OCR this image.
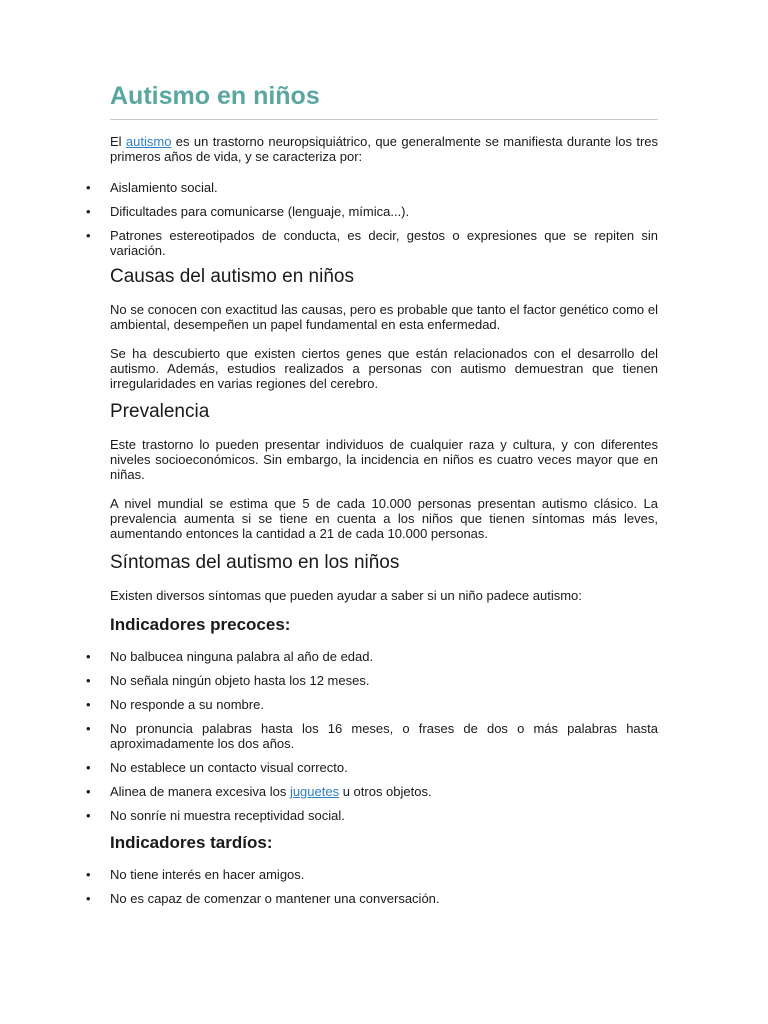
Autismo en niños

El autismo es un trastorno neuropsiquiátrico, que generalmente se manifiesta durante los tres primeros años de vida, y se caracteriza por:

• Aislamiento social.
• Dificultades para comunicarse (lenguaje, mímica...).
• Patrones estereotipados de conducta, es decir, gestos o expresiones que se repiten sin variación.
Causas del autismo en niños

No se conocen con exactitud las causas, pero es probable que tanto el factor genético como el ambiental, desempeñen un papel fundamental en esta enfermedad.

Se ha descubierto que existen ciertos genes que están relacionados con el desarrollo del autismo. Además, estudios realizados a personas con autismo demuestran que tienen irregularidades en varias regiones del cerebro.

Prevalencia

Este trastorno lo pueden presentar individuos de cualquier raza y cultura, y con diferentes niveles socioeconómicos. Sin embargo, la incidencia en niños es cuatro veces mayor que en niñas.

A nivel mundial se estima que 5 de cada 10.000 personas presentan autismo clásico. La prevalencia aumenta si se tiene en cuenta a los niños que tienen síntomas más leves, aumentando entonces la cantidad a 21 de cada 10.000 personas.

Síntomas del autismo en los niños

Existen diversos síntomas que pueden ayudar a saber si un niño padece autismo:

Indicadores precoces:
• No balbucea ninguna palabra al año de edad.
• No señala ningún objeto hasta los 12 meses.
• No responde a su nombre.
• No pronuncia palabras hasta los 16 meses, o frases de dos o más palabras hasta aproximadamente los dos años.
• No establece un contacto visual correcto.
• Alinea de manera excesiva los juguetes u otros objetos.
• No sonríe ni muestra receptividad social.
Indicadores tardíos:
• No tiene interés en hacer amigos.
• No es capaz de comenzar o mantener una conversación.
